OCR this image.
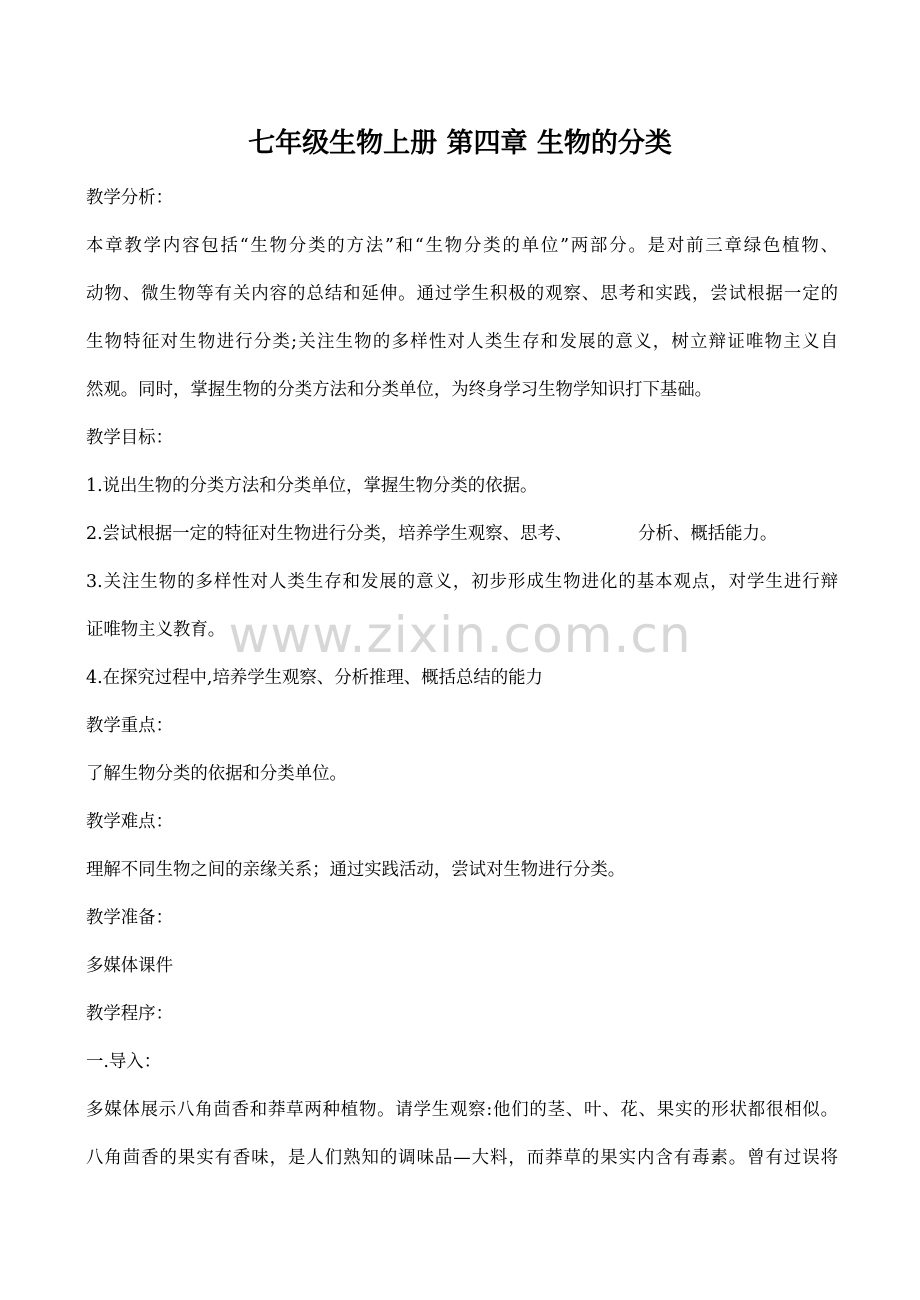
七年级生物上册 第四章 生物的分类
教学分析：
本章教学内容包括“生物分类的方法”和“生物分类的单位”两部分。是对前三章绿色植物、
动物、微生物等有关内容的总结和延伸。通过学生积极的观察、思考和实践，尝试根据一定的
生物特征对生物进行分类;关注生物的多样性对人类生存和发展的意义，树立辩证唯物主义自
然观。同时，掌握生物的分类方法和分类单位，为终身学习生物学知识打下基础。
教学目标：
1.说出生物的分类方法和分类单位，掌握生物分类的依据。
2.尝试根据一定的特征对生物进行分类，培养学生观察、思考、	分析、概括能力。
3.关注生物的多样性对人类生存和发展的意义，初步形成生物进化的基本观点，对学生进行辩
证唯物主义教育。
4.在探究过程中,培养学生观察、分析推理、概括总结的能力
教学重点：
了解生物分类的依据和分类单位。
教学难点：
理解不同生物之间的亲缘关系；通过实践活动，尝试对生物进行分类。
教学准备：
多媒体课件
教学程序：
一.导入：
多媒体展示八角茴香和莽草两种植物。请学生观察:他们的茎、叶、花、果实的形状都很相似。
八角茴香的果实有香味，是人们熟知的调味品—大料，而莽草的果实内含有毒素。曾有过误将
www.zixin.com.cn
